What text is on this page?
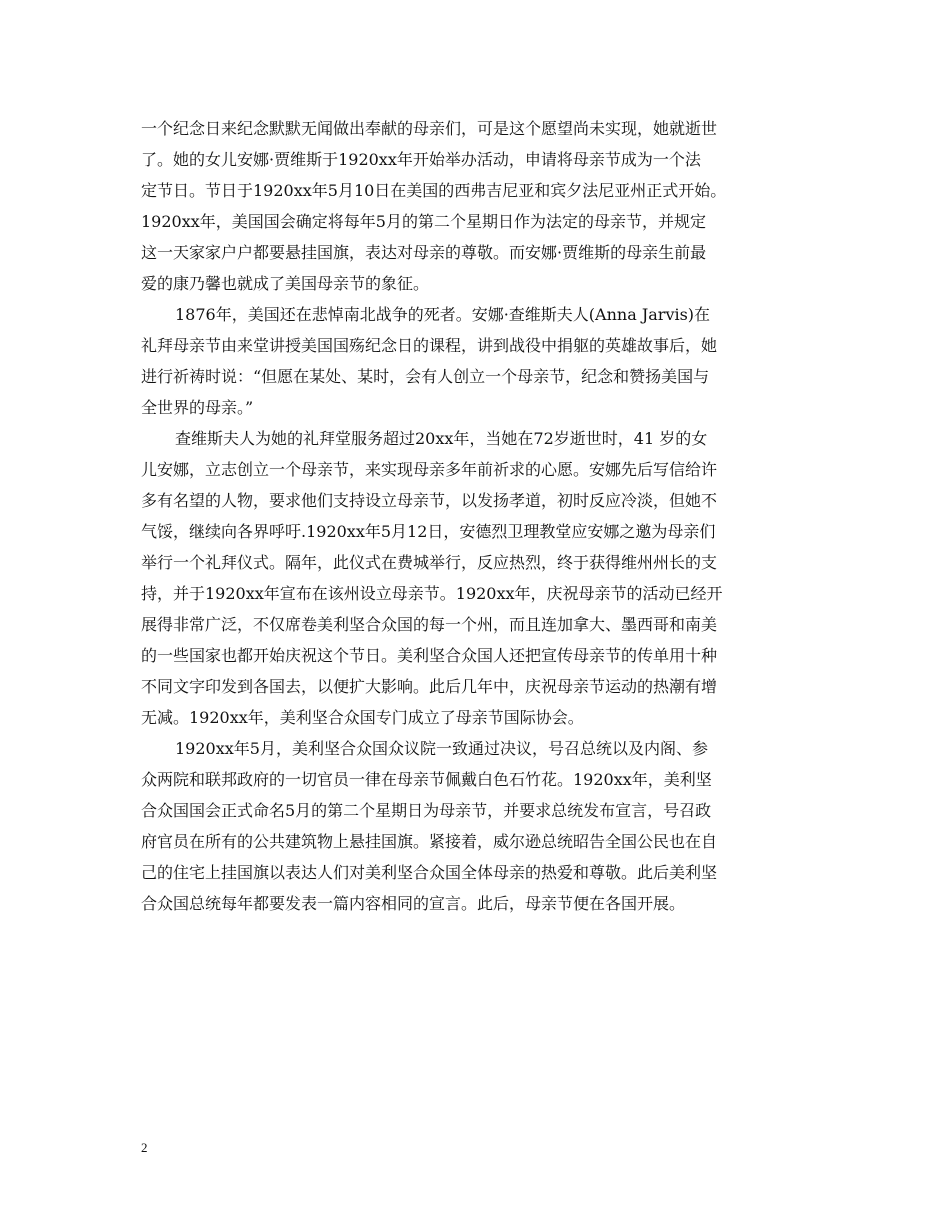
一个纪念日来纪念默默无闻做出奉献的母亲们，可是这个愿望尚未实现，她就逝世
了。她的女儿安娜·贾维斯于1920xx年开始举办活动，申请将母亲节成为一个法
定节日。节日于1920xx年5月10日在美国的西弗吉尼亚和宾夕法尼亚州正式开始。
1920xx年，美国国会确定将每年5月的第二个星期日作为法定的母亲节，并规定
这一天家家户户都要悬挂国旗，表达对母亲的尊敬。而安娜·贾维斯的母亲生前最
爱的康乃馨也就成了美国母亲节的象征。
1876年，美国还在悲悼南北战争的死者。安娜·查维斯夫人(Anna Jarvis)在
礼拜母亲节由来堂讲授美国国殇纪念日的课程，讲到战役中捐躯的英雄故事后，她
进行祈祷时说：“但愿在某处、某时，会有人创立一个母亲节，纪念和赞扬美国与
全世界的母亲。”
查维斯夫人为她的礼拜堂服务超过20xx年，当她在72岁逝世时，41 岁的女
儿安娜，立志创立一个母亲节，来实现母亲多年前祈求的心愿。安娜先后写信给许
多有名望的人物，要求他们支持设立母亲节，以发扬孝道，初时反应冷淡，但她不
气馁，继续向各界呼吁.1920xx年5月12日，安德烈卫理教堂应安娜之邀为母亲们
举行一个礼拜仪式。隔年，此仪式在费城举行，反应热烈，终于获得维州州长的支
持，并于1920xx年宣布在该州设立母亲节。1920xx年，庆祝母亲节的活动已经开
展得非常广泛，不仅席卷美利坚合众国的每一个州，而且连加拿大、墨西哥和南美
的一些国家也都开始庆祝这个节日。美利坚合众国人还把宣传母亲节的传单用十种
不同文字印发到各国去，以便扩大影响。此后几年中，庆祝母亲节运动的热潮有增
无减。1920xx年，美利坚合众国专门成立了母亲节国际协会。
1920xx年5月，美利坚合众国众议院一致通过决议，号召总统以及内阁、参
众两院和联邦政府的一切官员一律在母亲节佩戴白色石竹花。1920xx年，美利坚
合众国国会正式命名5月的第二个星期日为母亲节，并要求总统发布宣言，号召政
府官员在所有的公共建筑物上悬挂国旗。紧接着，威尔逊总统昭告全国公民也在自
己的住宅上挂国旗以表达人们对美利坚合众国全体母亲的热爱和尊敬。此后美利坚
合众国总统每年都要发表一篇内容相同的宣言。此后，母亲节便在各国开展。
2
